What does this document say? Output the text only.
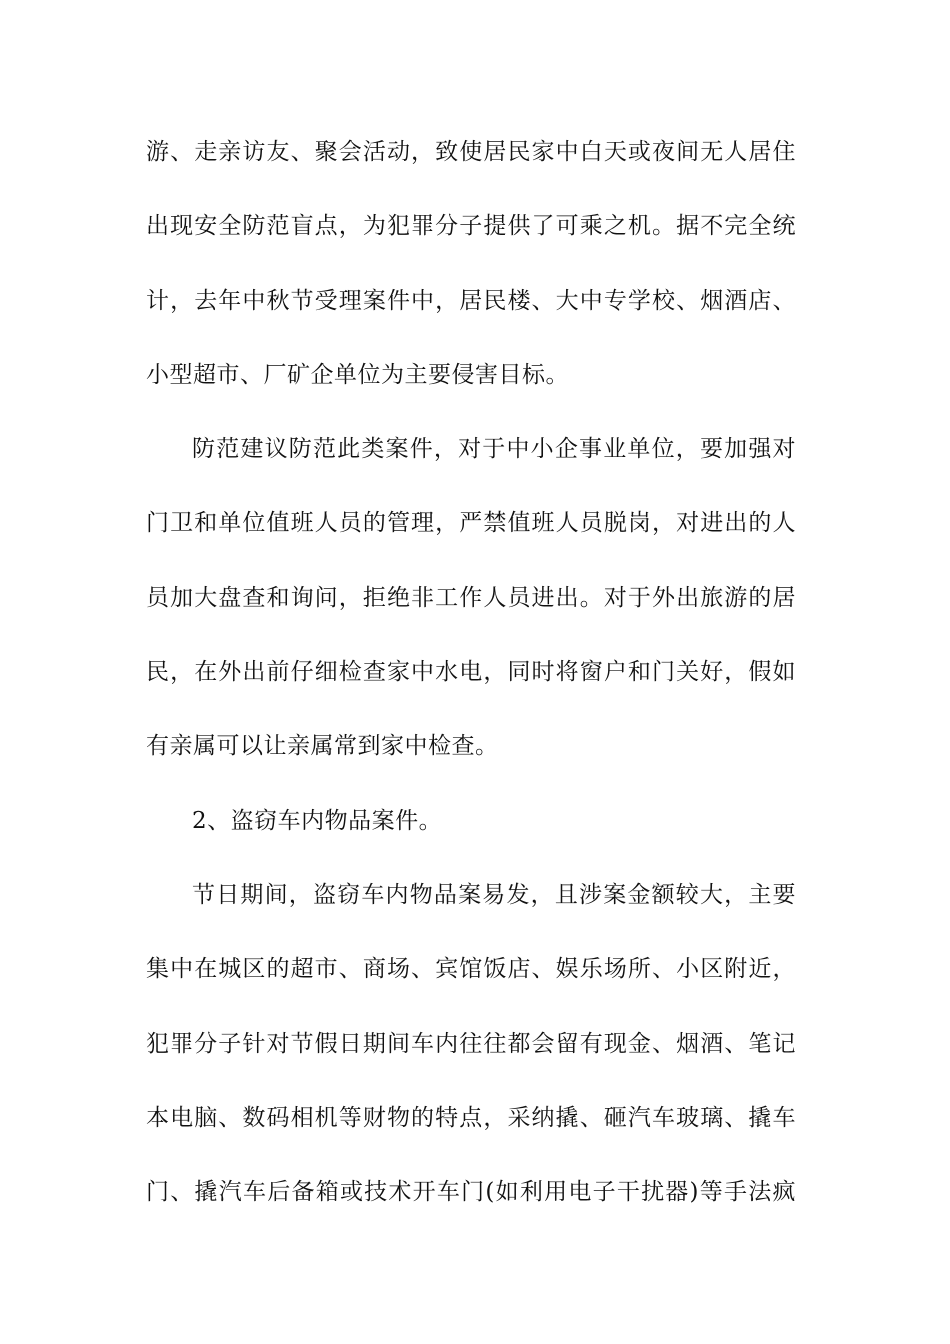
游、走亲访友、聚会活动，致使居民家中白天或夜间无人居住
出现安全防范盲点，为犯罪分子提供了可乘之机。据不完全统
计，去年中秋节受理案件中，居民楼、大中专学校、烟酒店、
小型超市、厂矿企单位为主要侵害目标。
防范建议防范此类案件，对于中小企事业单位，要加强对
门卫和单位值班人员的管理，严禁值班人员脱岗，对进出的人
员加大盘查和询问，拒绝非工作人员进出。对于外出旅游的居
民，在外出前仔细检查家中水电，同时将窗户和门关好，假如
有亲属可以让亲属常到家中检查。
2、盗窃车内物品案件。
节日期间，盗窃车内物品案易发，且涉案金额较大，主要
集中在城区的超市、商场、宾馆饭店、娱乐场所、小区附近，
犯罪分子针对节假日期间车内往往都会留有现金、烟酒、笔记
本电脑、数码相机等财物的特点，采纳撬、砸汽车玻璃、撬车
门、撬汽车后备箱或技术开车门(如利用电子干扰器)等手法疯
